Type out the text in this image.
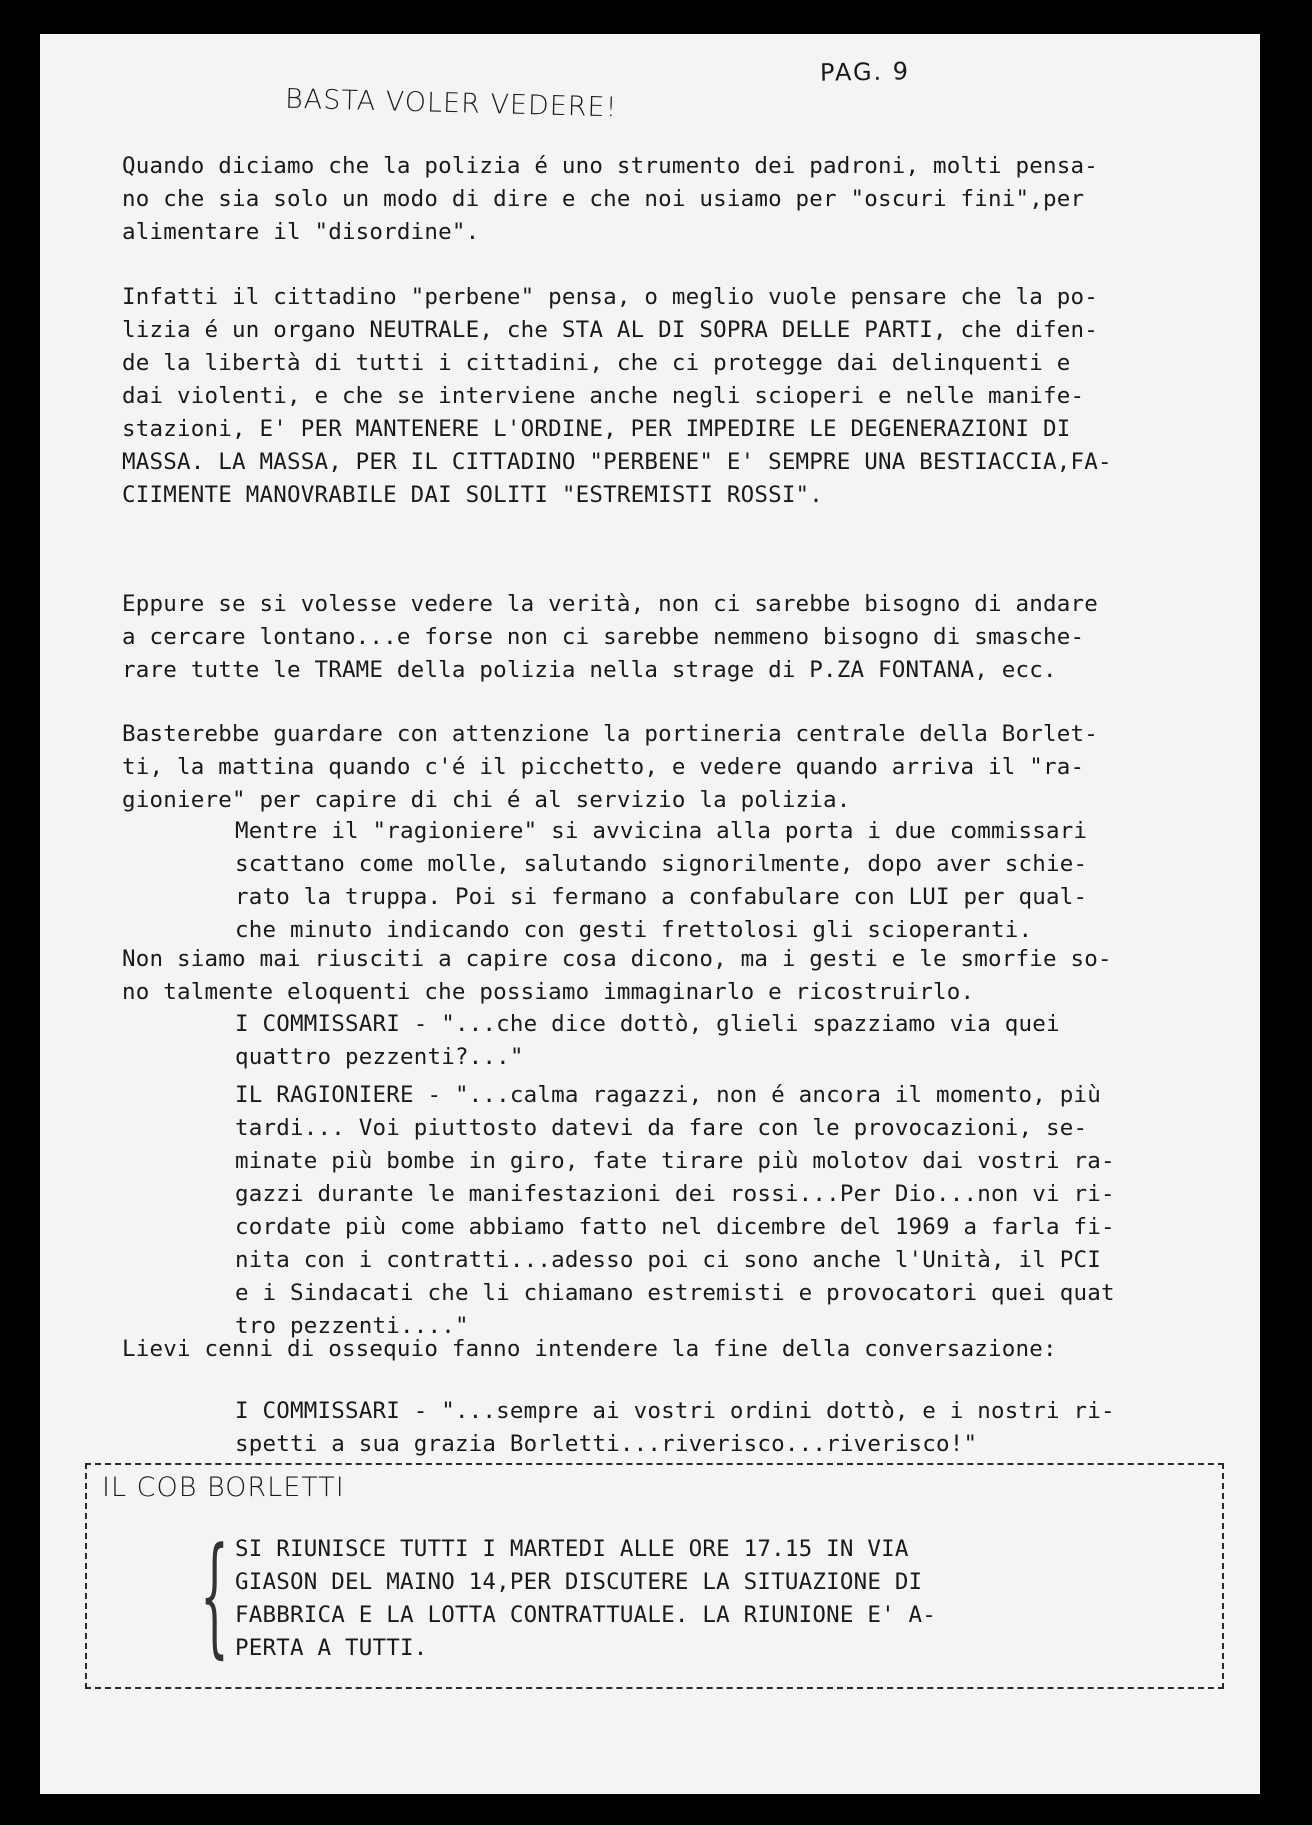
PAG. 9
BASTA VOLER VEDERE!
Quando diciamo che la polizia é uno strumento dei padroni, molti pensa-
no che sia solo un modo di dire e che noi usiamo per "oscuri fini",per
alimentare il "disordine".
Infatti il cittadino "perbene" pensa, o meglio vuole pensare che la po-
lizia é un organo NEUTRALE, che STA AL DI SOPRA DELLE PARTI, che difen-
de la libertà di tutti i cittadini, che ci protegge dai delinquenti e
dai violenti, e che se interviene anche negli scioperi e nelle manife-
stazioni, E' PER MANTENERE L'ORDINE, PER IMPEDIRE LE DEGENERAZIONI DI
MASSA. LA MASSA, PER IL CITTADINO "PERBENE" E' SEMPRE UNA BESTIACCIA,FA-
CIIMENTE MANOVRABILE DAI SOLITI "ESTREMISTI ROSSI".
Eppure se si volesse vedere la verità, non ci sarebbe bisogno di andare
a cercare lontano...e forse non ci sarebbe nemmeno bisogno di smasche-
rare tutte le TRAME della polizia nella strage di P.ZA FONTANA, ecc.
Basterebbe guardare con attenzione la portineria centrale della Borlet-
ti, la mattina quando c'é il picchetto, e vedere quando arriva il "ra-
gioniere" per capire di chi é al servizio la polizia.
Mentre il "ragioniere" si avvicina alla porta i due commissari
scattano come molle, salutando signorilmente, dopo aver schie-
rato la truppa. Poi si fermano a confabulare con LUI per qual-
che minuto indicando con gesti frettolosi gli scioperanti.
Non siamo mai riusciti a capire cosa dicono, ma i gesti e le smorfie so-
no talmente eloquenti che possiamo immaginarlo e ricostruirlo.
I COMMISSARI - "...che dice dottò, glieli spazziamo via quei
quattro pezzenti?..."
IL RAGIONIERE - "...calma ragazzi, non é ancora il momento, più
tardi... Voi piuttosto datevi da fare con le provocazioni, se-
minate più bombe in giro, fate tirare più molotov dai vostri ra-
gazzi durante le manifestazioni dei rossi...Per Dio...non vi ri-
cordate più come abbiamo fatto nel dicembre del 1969 a farla fi-
nita con i contratti...adesso poi ci sono anche l'Unità, il PCI
e i Sindacati che li chiamano estremisti e provocatori quei quat
tro pezzenti...."
Lievi cenni di ossequio fanno intendere la fine della conversazione:
I COMMISSARI - "...sempre ai vostri ordini dottò, e i nostri ri-
spetti a sua grazia Borletti...riverisco...riverisco!"
IL COB BORLETTI
{ SI RIUNISCE TUTTI I MARTEDI ALLE ORE 17.15 IN VIA
GIASON DEL MAINO 14,PER DISCUTERE LA SITUAZIONE DI
FABBRICA E LA LOTTA CONTRATTUALE. LA RIUNIONE E' A-
PERTA A TUTTI.
